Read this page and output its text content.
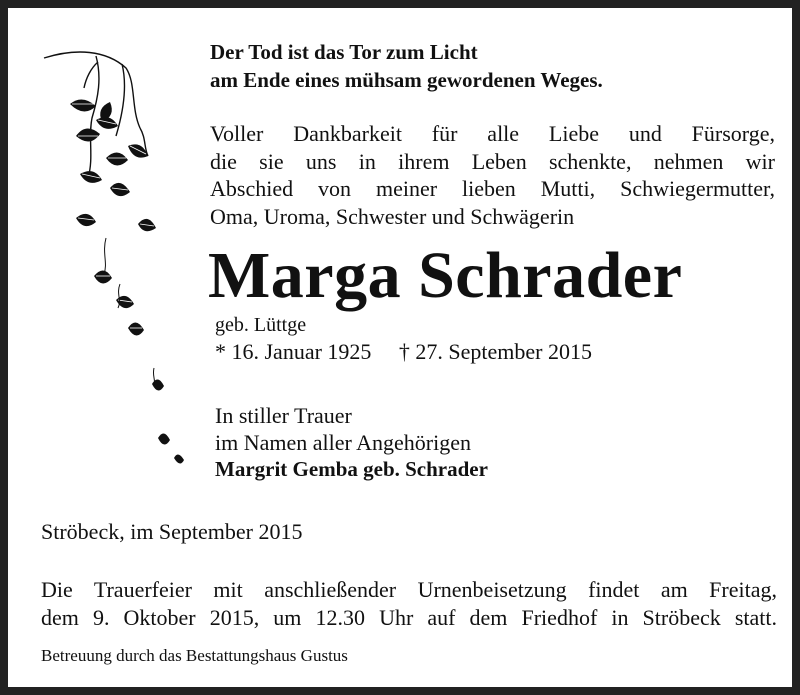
Der Tod ist das Tor zum Licht
am Ende eines mühsam gewordenen Weges.
Voller Dankbarkeit für alle Liebe und Fürsorge,
die sie uns in ihrem Leben schenkte, nehmen wir
Abschied von meiner lieben Mutti, Schwiegermutter,
Oma, Uroma, Schwester und Schwägerin
Marga Schrader
geb. Lüttge
* 16. Januar 1925     † 27. September 2015
In stiller Trauer
im Namen aller Angehörigen
Margrit Gemba geb. Schrader
Ströbeck, im September 2015
Die Trauerfeier mit anschließender Urnenbeisetzung findet am Freitag,
dem 9. Oktober 2015, um 12.30 Uhr auf dem Friedhof in Ströbeck statt.
Betreuung durch das Bestattungshaus Gustus
